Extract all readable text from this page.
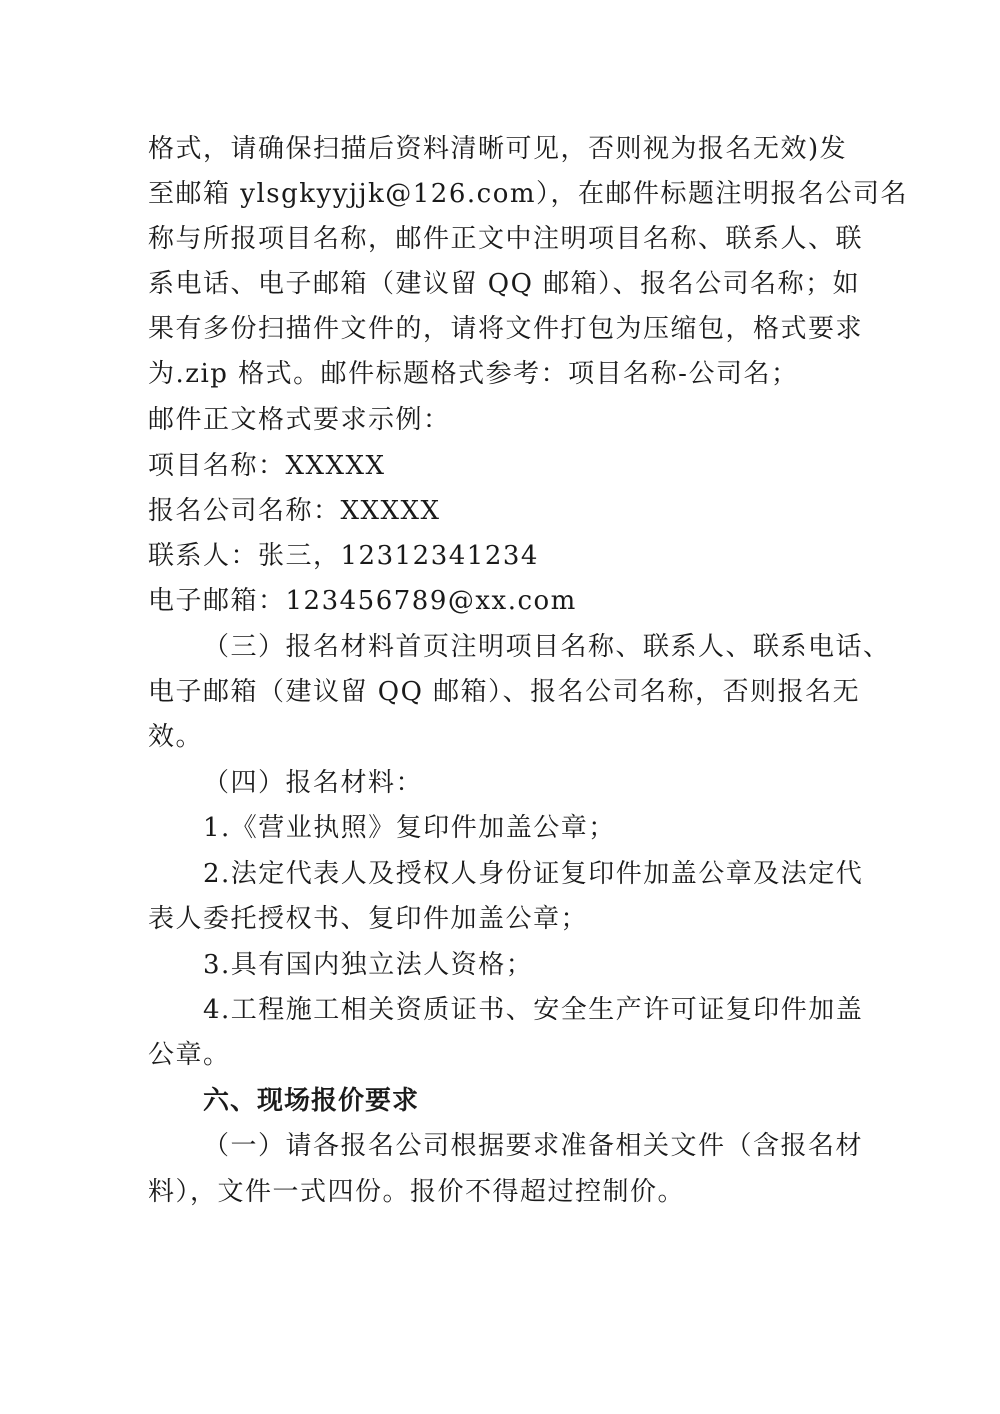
格式，请确保扫描后资料清晰可见，否则视为报名无效)发
至邮箱 ylsgkyyjjk@126.com），在邮件标题注明报名公司名
称与所报项目名称，邮件正文中注明项目名称、联系人、联
系电话、电子邮箱（建议留 QQ 邮箱）、报名公司名称；如
果有多份扫描件文件的，请将文件打包为压缩包，格式要求
为.zip 格式。邮件标题格式参考：项目名称-公司名；
邮件正文格式要求示例：
项目名称：XXXXX
报名公司名称：XXXXX
联系人：张三，12312341234
电子邮箱：123456789@xx.com
（三）报名材料首页注明项目名称、联系人、联系电话、
电子邮箱（建议留 QQ 邮箱）、报名公司名称，否则报名无
效。
（四）报名材料：
1.《营业执照》复印件加盖公章；
2.法定代表人及授权人身份证复印件加盖公章及法定代
表人委托授权书、复印件加盖公章；
3.具有国内独立法人资格；
4.工程施工相关资质证书、安全生产许可证复印件加盖
公章。
六、现场报价要求
（一）请各报名公司根据要求准备相关文件（含报名材
料），文件一式四份。报价不得超过控制价。
